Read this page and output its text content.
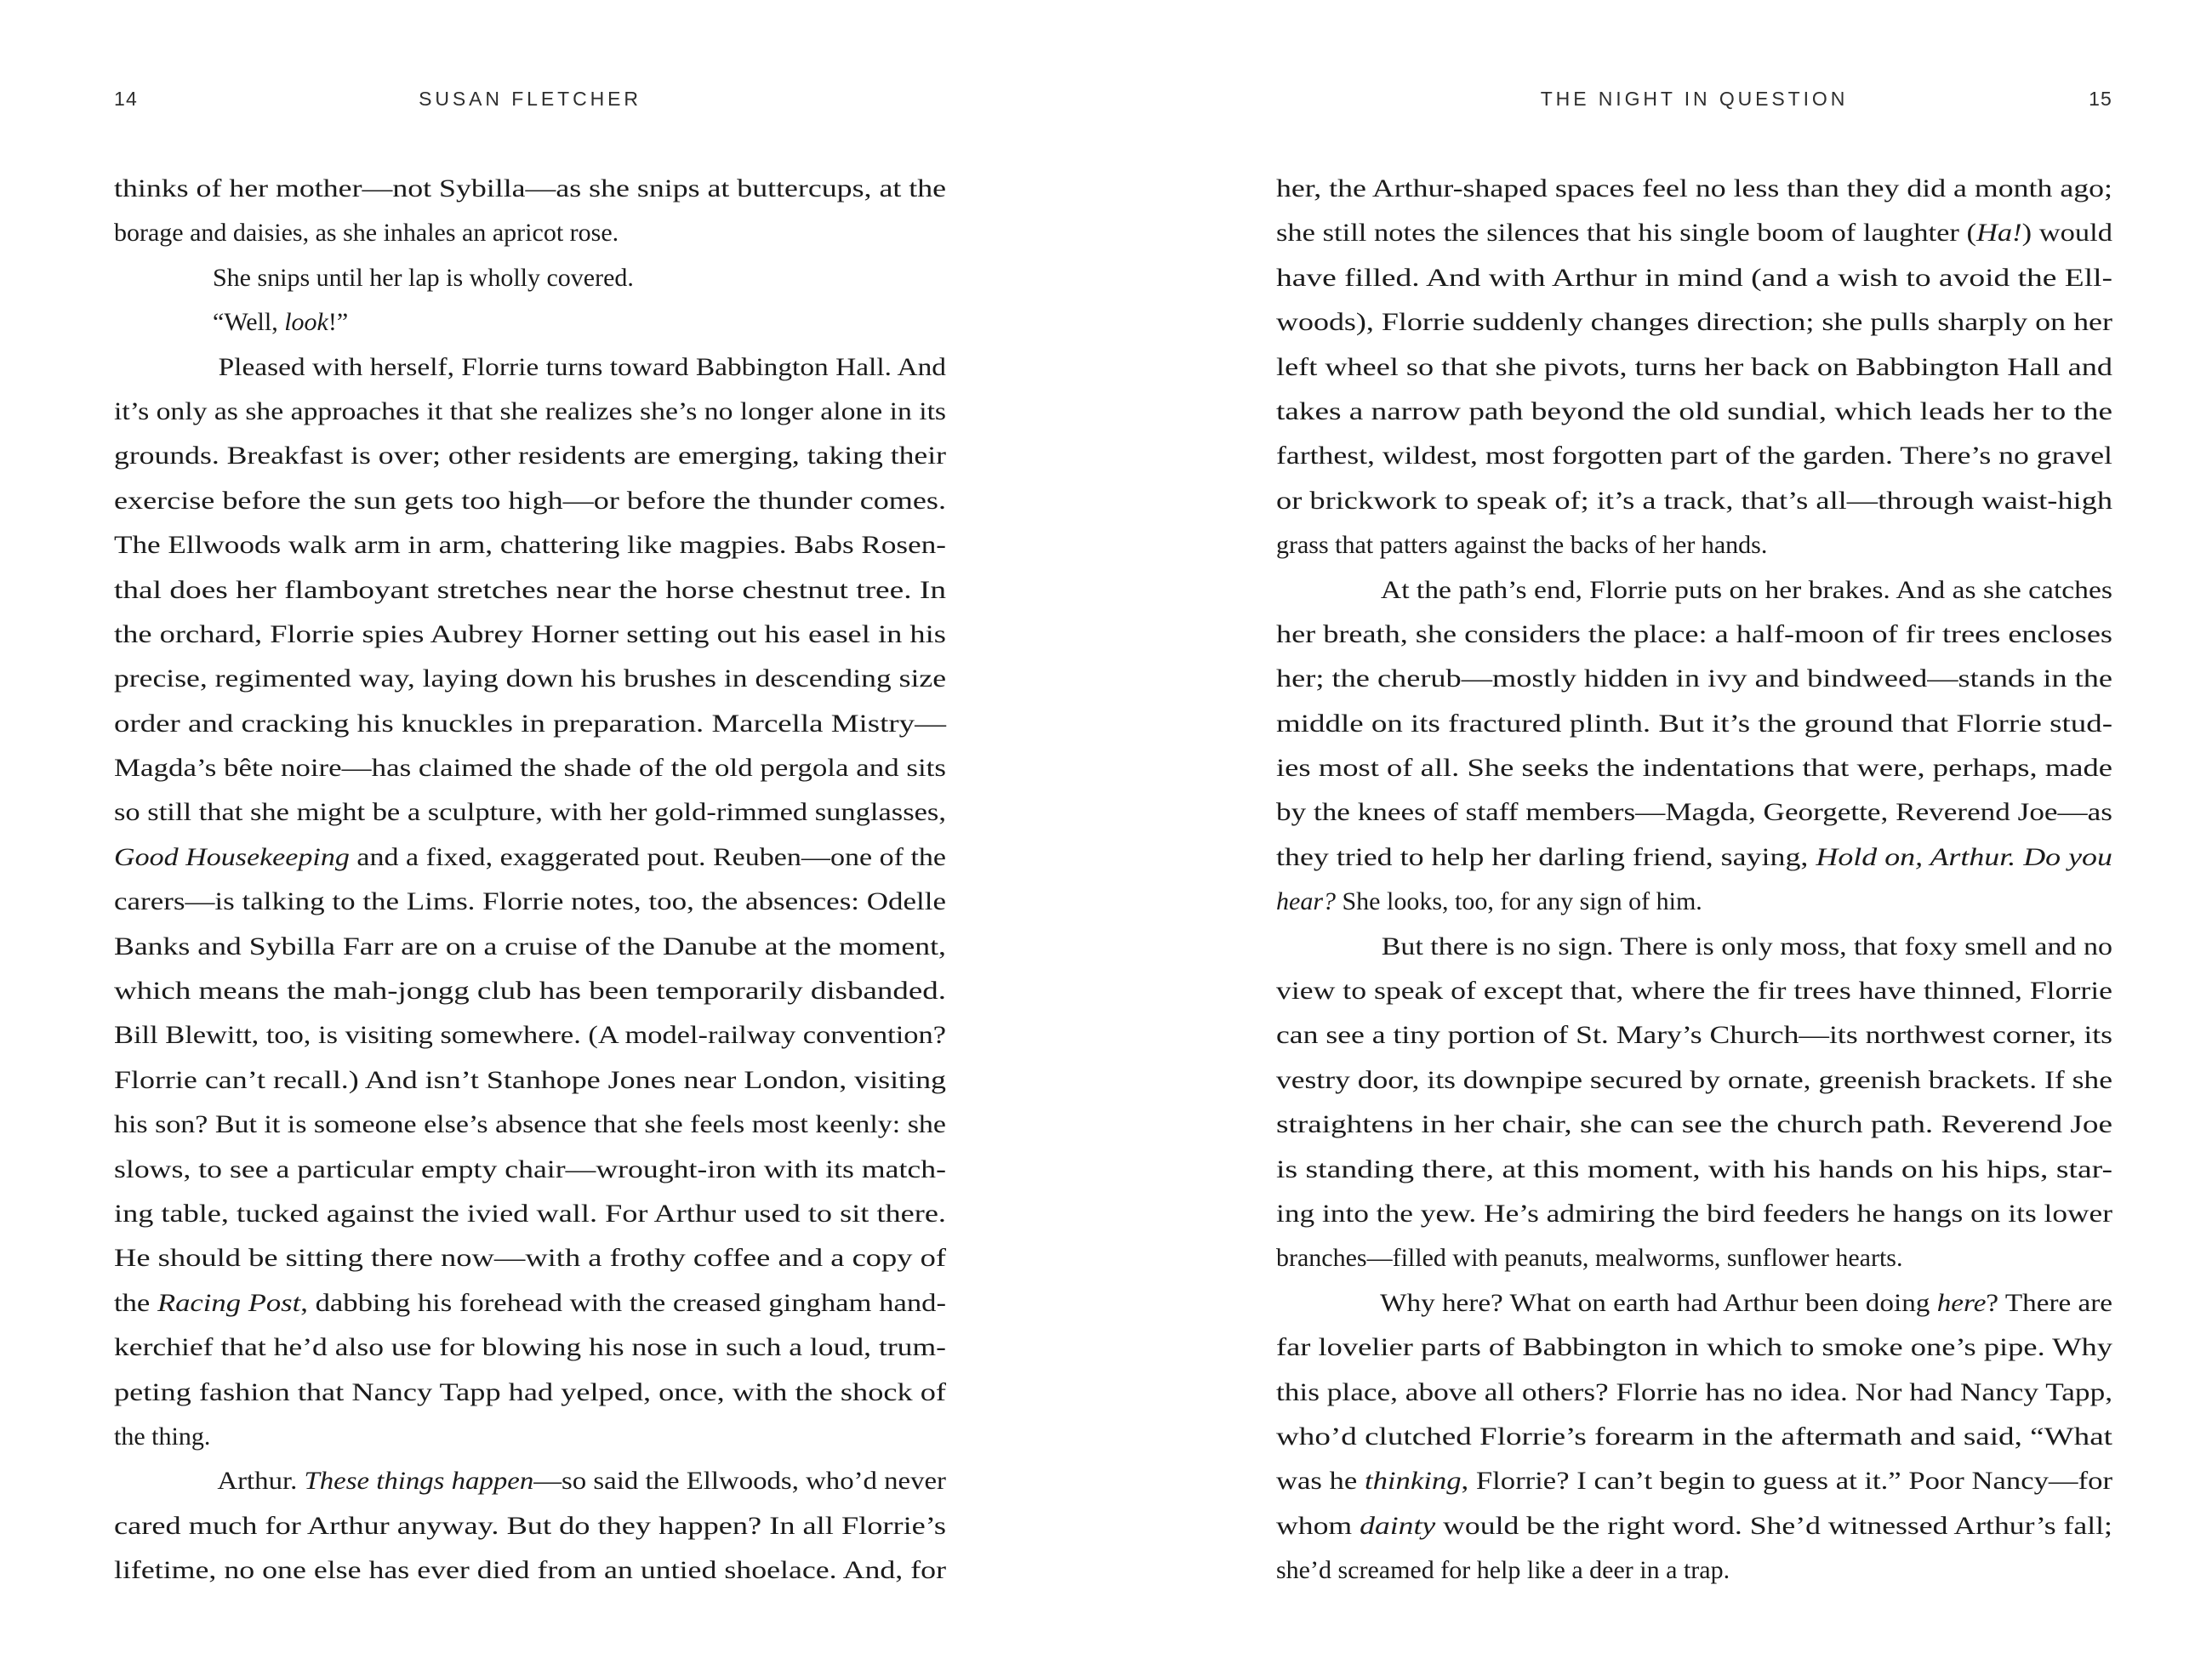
14	SUSAN FLETCHER	THE NIGHT IN QUESTION	15
thinks of her mother—not Sybilla—as she snips at buttercups, at the
borage and daisies, as she inhales an apricot rose.
She snips until her lap is wholly covered.
“Well, look!”
Pleased with herself, Florrie turns toward Babbington Hall. And
it’s only as she approaches it that she realizes she’s no longer alone in its
grounds. Breakfast is over; other residents are emerging, taking their
exercise before the sun gets too high—or before the thunder comes.
The Ellwoods walk arm in arm, chattering like magpies. Babs Rosen-
thal does her flamboyant stretches near the horse chestnut tree. In
the orchard, Florrie spies Aubrey Horner setting out his easel in his
precise, regimented way, laying down his brushes in descending size
order and cracking his knuckles in preparation. Marcella Mistry—
Magda’s bête noire—has claimed the shade of the old pergola and sits
so still that she might be a sculpture, with her gold-rimmed sunglasses,
Good Housekeeping and a fixed, exaggerated pout. Reuben—one of the
carers—is talking to the Lims. Florrie notes, too, the absences: Odelle
Banks and Sybilla Farr are on a cruise of the Danube at the moment,
which means the mah-jongg club has been temporarily disbanded.
Bill Blewitt, too, is visiting somewhere. (A model-railway convention?
Florrie can’t recall.) And isn’t Stanhope Jones near London, visiting
his son? But it is someone else’s absence that she feels most keenly: she
slows, to see a particular empty chair—wrought-iron with its match-
ing table, tucked against the ivied wall. For Arthur used to sit there.
He should be sitting there now—with a frothy coffee and a copy of
the Racing Post, dabbing his forehead with the creased gingham hand-
kerchief that he’d also use for blowing his nose in such a loud, trum-
peting fashion that Nancy Tapp had yelped, once, with the shock of
the thing.
Arthur. These things happen—so said the Ellwoods, who’d never
cared much for Arthur anyway. But do they happen? In all Florrie’s
lifetime, no one else has ever died from an untied shoelace. And, for
her, the Arthur-shaped spaces feel no less than they did a month ago;
she still notes the silences that his single boom of laughter (Ha!) would
have filled. And with Arthur in mind (and a wish to avoid the Ell-
woods), Florrie suddenly changes direction; she pulls sharply on her
left wheel so that she pivots, turns her back on Babbington Hall and
takes a narrow path beyond the old sundial, which leads her to the
farthest, wildest, most forgotten part of the garden. There’s no gravel
or brickwork to speak of; it’s a track, that’s all—through waist-high
grass that patters against the backs of her hands.
At the path’s end, Florrie puts on her brakes. And as she catches
her breath, she considers the place: a half-moon of fir trees encloses
her; the cherub—mostly hidden in ivy and bindweed—stands in the
middle on its fractured plinth. But it’s the ground that Florrie stud-
ies most of all. She seeks the indentations that were, perhaps, made
by the knees of staff members—Magda, Georgette, Reverend Joe—as
they tried to help her darling friend, saying, Hold on, Arthur. Do you
hear? She looks, too, for any sign of him.
But there is no sign. There is only moss, that foxy smell and no
view to speak of except that, where the fir trees have thinned, Florrie
can see a tiny portion of St. Mary’s Church—its northwest corner, its
vestry door, its downpipe secured by ornate, greenish brackets. If she
straightens in her chair, she can see the church path. Reverend Joe
is standing there, at this moment, with his hands on his hips, star-
ing into the yew. He’s admiring the bird feeders he hangs on its lower
branches—filled with peanuts, mealworms, sunflower hearts.
Why here? What on earth had Arthur been doing here? There are
far lovelier parts of Babbington in which to smoke one’s pipe. Why
this place, above all others? Florrie has no idea. Nor had Nancy Tapp,
who’d clutched Florrie’s forearm in the aftermath and said, “What
was he thinking, Florrie? I can’t begin to guess at it.” Poor Nancy—for
whom dainty would be the right word. She’d witnessed Arthur’s fall;
she’d screamed for help like a deer in a trap.
